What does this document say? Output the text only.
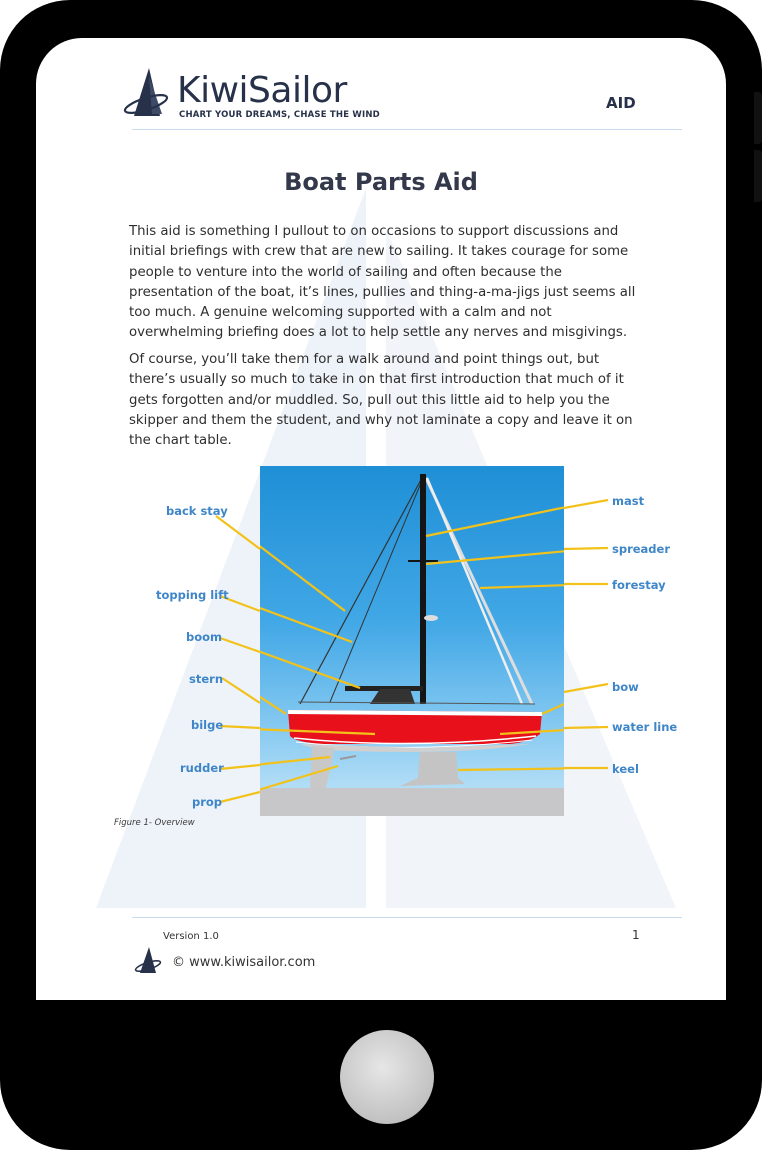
KiwiSailor
CHART YOUR DREAMS, CHASE THE WIND
AID
Boat Parts Aid

This aid is something I pullout to on occasions to support discussions and initial briefings with crew that are new to sailing. It takes courage for some people to venture into the world of sailing and often because the presentation of the boat, it’s lines, pullies and thing-a-ma-jigs just seems all too much. A genuine welcoming supported with a calm and not overwhelming briefing does a lot to help settle any nerves and misgivings.

Of course, you’ll take them for a walk around and point things out, but there’s usually so much to take in on that first introduction that much of it gets forgotten and/or muddled. So, pull out this little aid to help you the skipper and them the student, and why not laminate a copy and leave it on the chart table.

back stay
topping lift
boom
stern
bilge
rudder
prop
mast
spreader
forestay
bow
water line
keel
Figure 1- Overview
Version 1.0	1
© www.kiwisailor.com
